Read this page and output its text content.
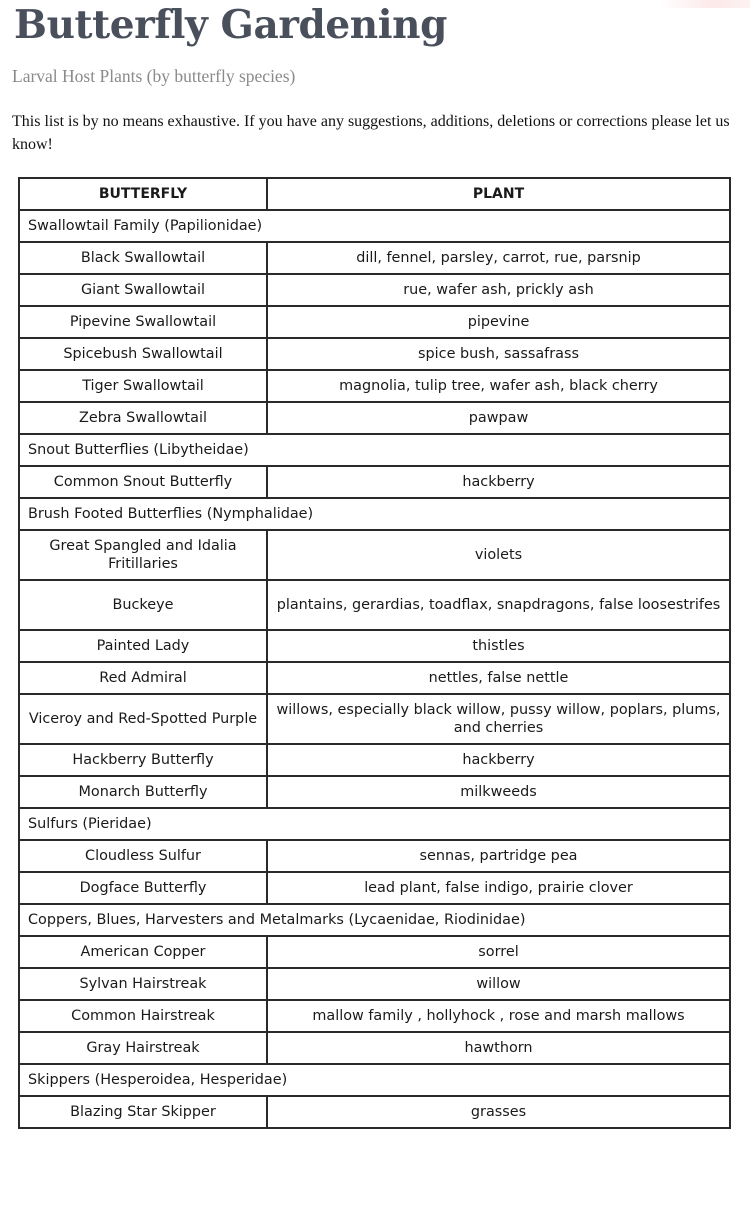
Butterfly Gardening

Larval Host Plants (by butterfly species)

This list is by no means exhaustive. If you have any suggestions, additions, deletions or corrections please let us know!

BUTTERFLY	PLANT
Swallowtail Family (Papilionidae)	
Black Swallowtail	dill, fennel, parsley, carrot, rue, parsnip
Giant Swallowtail	rue, wafer ash, prickly ash
Pipevine Swallowtail	pipevine
Spicebush Swallowtail	spice bush, sassafrass
Tiger Swallowtail	magnolia, tulip tree, wafer ash, black cherry
Zebra Swallowtail	pawpaw
Snout Butterflies (Libytheidae)	
Common Snout Butterfly	hackberry
Brush Footed Butterflies (Nymphalidae)	
Great Spangled and Idalia Fritillaries	violets
Buckeye	plantains, gerardias, toadflax, snapdragons, false loosestrifes
Painted Lady	thistles
Red Admiral	nettles, false nettle
Viceroy and Red-Spotted Purple	willows, especially black willow, pussy willow, poplars, plums, and cherries
Hackberry Butterfly	hackberry
Monarch Butterfly	milkweeds
Sulfurs (Pieridae)	
Cloudless Sulfur	sennas, partridge pea
Dogface Butterfly	lead plant, false indigo, prairie clover
Coppers, Blues, Harvesters and Metalmarks (Lycaenidae, Riodinidae)	
American Copper	sorrel
Sylvan Hairstreak	willow
Common Hairstreak	mallow family , hollyhock , rose and marsh mallows
Gray Hairstreak	hawthorn
Skippers (Hesperoidea, Hesperidae)	
Blazing Star Skipper	grasses
